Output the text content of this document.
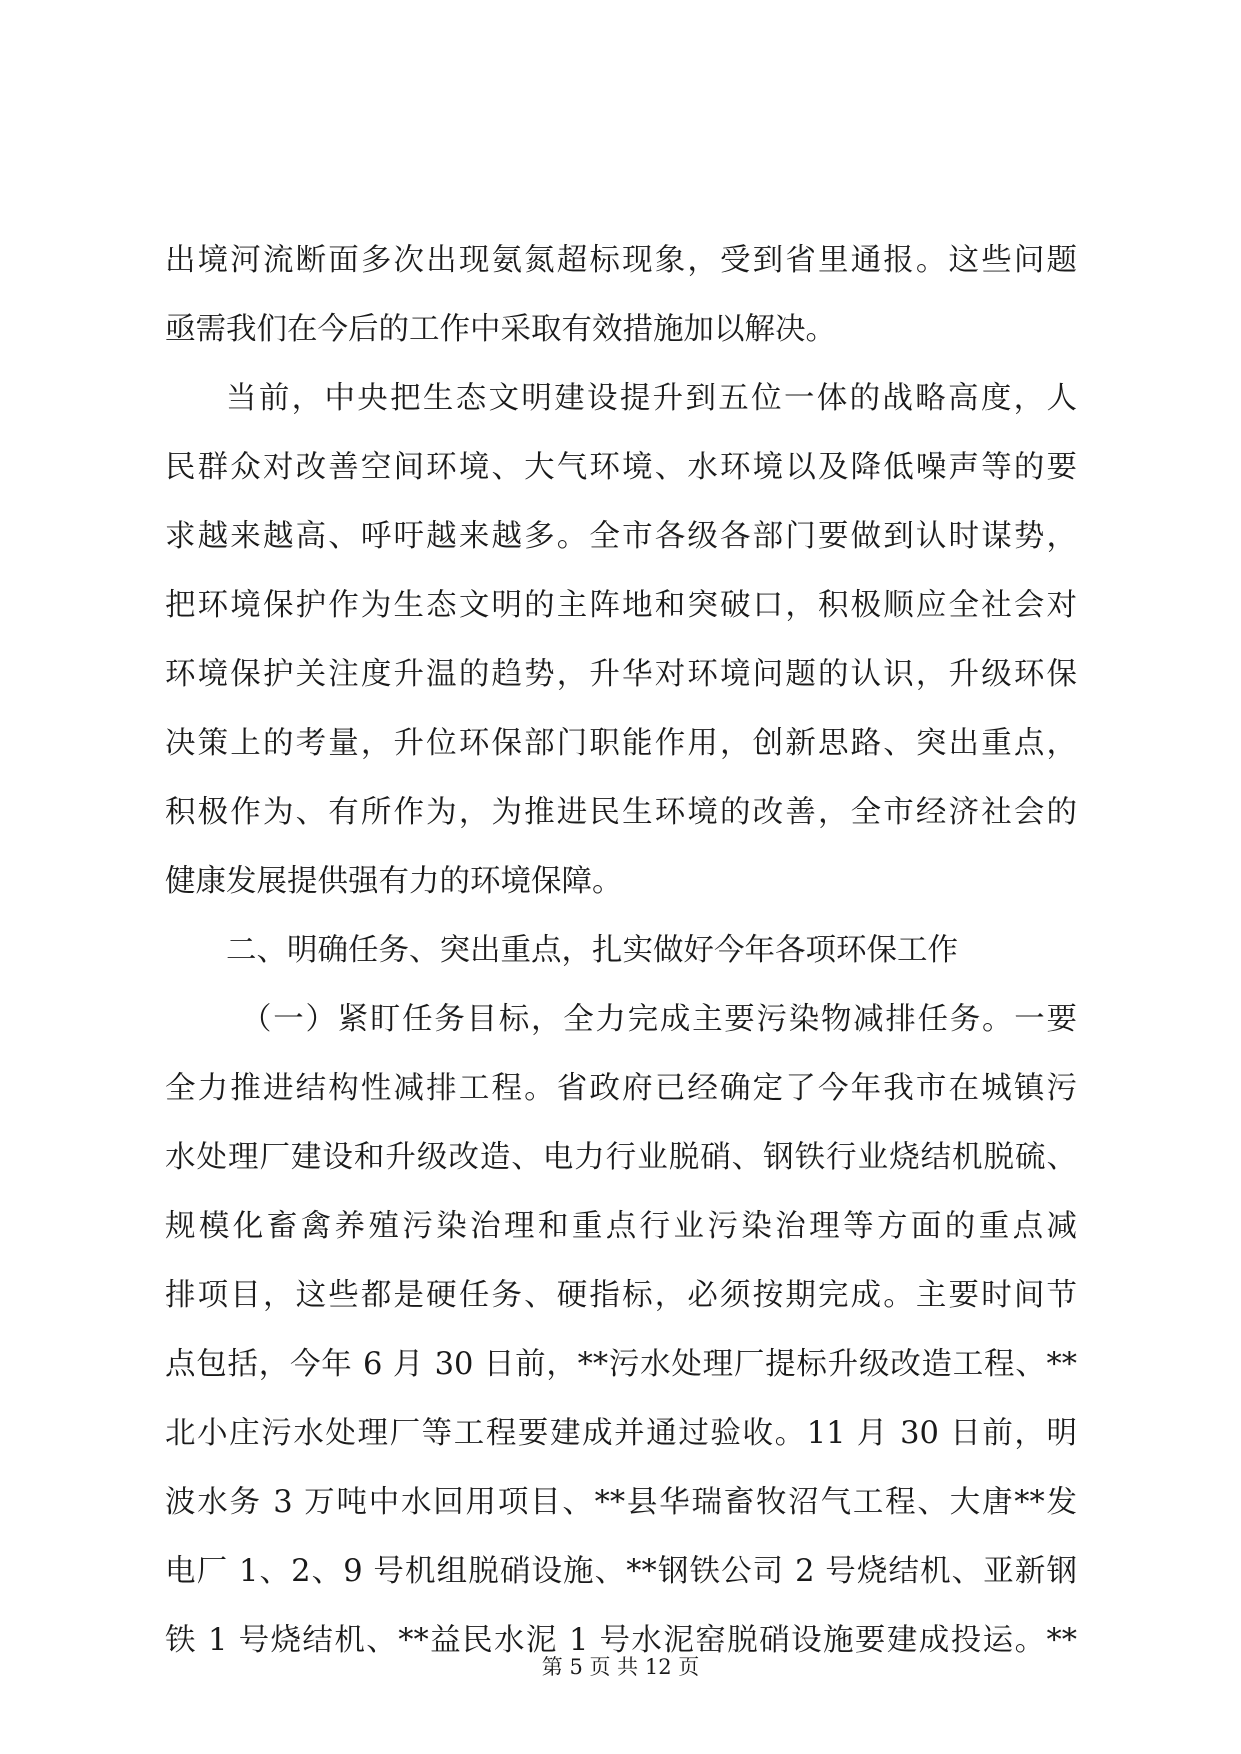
出境河流断面多次出现氨氮超标现象，受到省里通报。这些问题
亟需我们在今后的工作中采取有效措施加以解决。
当前，中央把生态文明建设提升到五位一体的战略高度，人
民群众对改善空间环境、大气环境、水环境以及降低噪声等的要
求越来越高、呼吁越来越多。全市各级各部门要做到认时谋势，
把环境保护作为生态文明的主阵地和突破口，积极顺应全社会对
环境保护关注度升温的趋势，升华对环境问题的认识，升级环保
决策上的考量，升位环保部门职能作用，创新思路、突出重点，
积极作为、有所作为，为推进民生环境的改善，全市经济社会的
健康发展提供强有力的环境保障。
二、明确任务、突出重点，扎实做好今年各项环保工作
（一）紧盯任务目标，全力完成主要污染物减排任务。一要
全力推进结构性减排工程。省政府已经确定了今年我市在城镇污
水处理厂建设和升级改造、电力行业脱硝、钢铁行业烧结机脱硫、
规模化畜禽养殖污染治理和重点行业污染治理等方面的重点减
排项目，这些都是硬任务、硬指标，必须按期完成。主要时间节
点包括，今年 6 月 30 日前，**污水处理厂提标升级改造工程、**
北小庄污水处理厂等工程要建成并通过验收。11 月 30 日前，明
波水务 3 万吨中水回用项目、**县华瑞畜牧沼气工程、大唐**发
电厂 1、2、9 号机组脱硝设施、**钢铁公司 2 号烧结机、亚新钢
铁 1 号烧结机、**益民水泥 1 号水泥窑脱硝设施要建成投运。**
第 5 页 共 12 页
